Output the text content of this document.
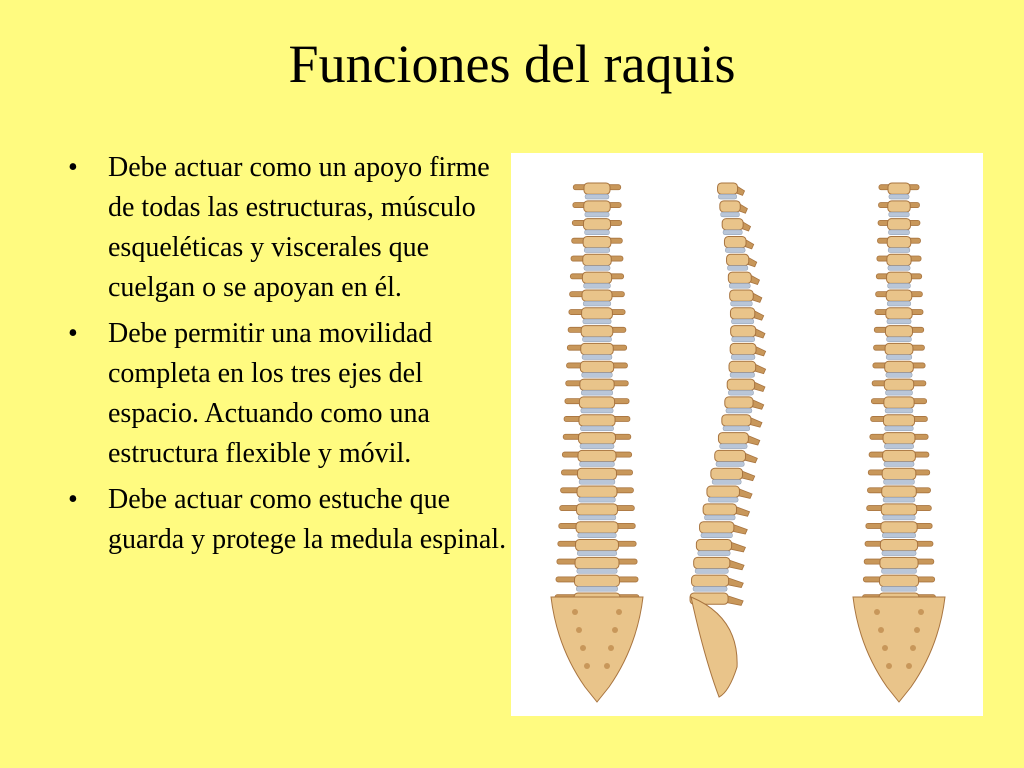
Funciones del raquis
• Debe actuar como un apoyo firme de todas las estructuras, músculo esqueléticas y viscerales que cuelgan o se apoyan en él.
• Debe permitir una movilidad completa en los tres ejes del espacio. Actuando como una estructura flexible y móvil.
• Debe actuar como estuche que guarda y protege la medula espinal.
